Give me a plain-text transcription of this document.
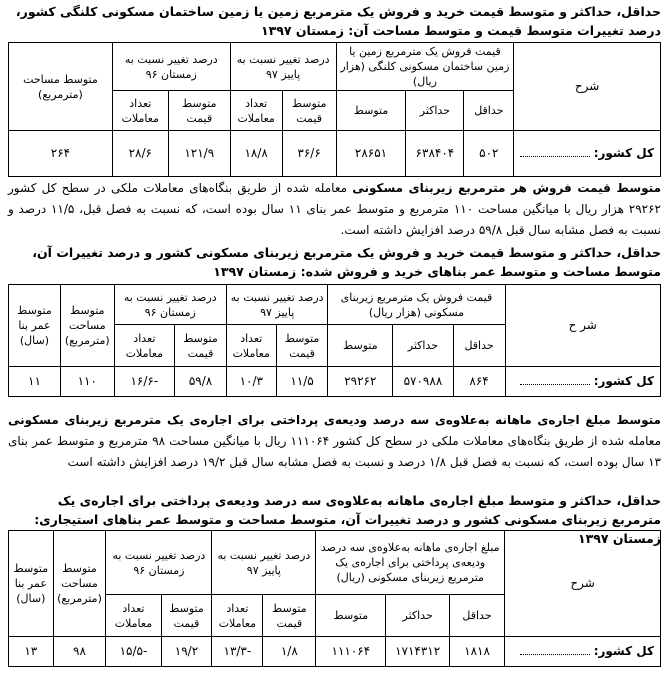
حداقل، حداکثر و متوسط قیمت خرید و فروش یک مترمربع زمین یا زمین ساختمان مسکونی کلنگی کشور، درصد تغییرات متوسط قیمت و متوسط مساحت آن: زمستان ۱۳۹۷
شرح	قیمت فروش یک مترمربع زمین یا زمین ساختمان مسکونی کلنگی (هزار ریال)			درصد تغییر نسبت به پاییز ۹۷		درصد تغییر نسبت به زمستان ۹۶		متوسط مساحت (مترمربع)
	حداقل	حداکثر	متوسط	متوسط قیمت	تعداد معاملات	متوسط قیمت	تعداد معاملات	
کل کشور:	۵۰۲	۶۳۸۴۰۴	۲۸۶۵۱	۳۶/۶	۱۸/۸	۱۲۱/۹	۲۸/۶	۲۶۴
متوسط قیمت فروش هر مترمربع زیربنای مسکونی معامله شده از طریق بنگاه‌های معاملات ملکی در سطح کل کشور ۲۹۲۶۲ هزار ریال با میانگین مساحت ۱۱۰ مترمربع و متوسط عمر بنای ۱۱ سال بوده است، که نسبت به فصل قبل، ۱۱/۵ درصد و نسبت به فصل مشابه سال قبل ۵۹/۸ درصد افزایش داشته است.
حداقل، حداکثر و متوسط قیمت خرید و فروش یک مترمربع زیربنای مسکونی کشور و درصد تغییرات آن، متوسط مساحت و متوسط عمر بناهای خرید و فروش شده: زمستان ۱۳۹۷
شر ح	قیمت فروش یک مترمربع زیربنای مسکونی (هزار ریال)			درصد تغییر نسبت به پاییز ۹۷		درصد تغییر نسبت به زمستان ۹۶		متوسط مساحت (مترمربع)	متوسط عمر بنا (سال)
	حداقل	حداکثر	متوسط	متوسط قیمت	تعداد معاملات	متوسط قیمت	تعداد معاملات		
کل کشور:	۸۶۴	۵۷۰۹۸۸	۲۹۲۶۲	۱۱/۵	۱۰/۳	۵۹/۸	-۱۶/۶	۱۱۰	۱۱
متوسط مبلغ اجاره‌ی ماهانه به‌علاوه‌ی سه درصد ودیعه‌ی پرداختی برای اجاره‌ی یک مترمربع زیربنای مسکونی معامله شده از طریق بنگاه‌های معاملات ملکی در سطح کل کشور ۱۱۱۰۶۴ ریال با میانگین مساحت ۹۸ مترمربع و متوسط عمر بنای ۱۳ سال بوده است، که نسبت به فصل قبل ۱/۸ درصد و نسبت به فصل مشابه سال قبل ۱۹/۲ درصد افزایش داشته است
حداقل، حداکثر و متوسط مبلغ اجاره‌ی ماهانه به‌علاوه‌ی سه درصد ودیعه‌ی پرداختی برای اجاره‌ی یک مترمربع زیربنای مسکونی کشور و درصد تغییرات آن، متوسط مساحت و متوسط عمر بناهای استیجاری: زمستان ۱۳۹۷
شرح	مبلغ اجاره‌ی ماهانه به‌علاوه‌ی سه درصد ودیعه‌ی پرداختی برای اجاره‌ی یک مترمربع زیربنای مسکونی (ریال)			درصد تغییر نسبت به پاییز ۹۷		درصد تغییر نسبت به زمستان ۹۶		متوسط مساحت (مترمربع)	متوسط عمر بنا (سال)
	حداقل	حداکثر	متوسط	متوسط قیمت	تعداد معاملات	متوسط قیمت	تعداد معاملات		
کل کشور:	۱۸۱۸	۱۷۱۴۳۱۲	۱۱۱۰۶۴	۱/۸	-۱۳/۳	۱۹/۲	-۱۵/۵	۹۸	۱۳
